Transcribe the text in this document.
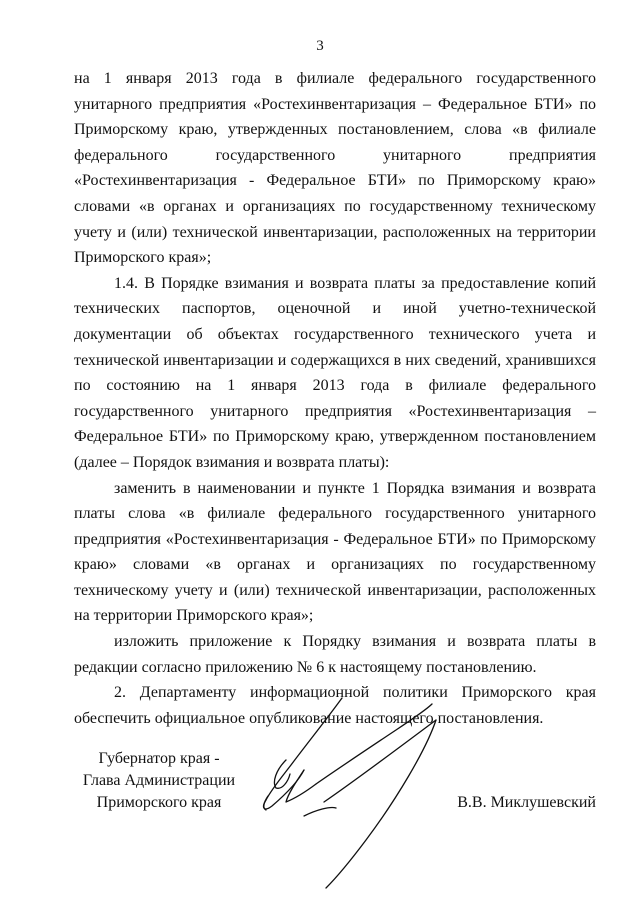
3

на 1 января 2013 года в филиале федерального государственного унитарного предприятия «Ростехинвентаризация – Федеральное БТИ» по Приморскому краю, утвержденных постановлением, слова «в филиале федерального государственного унитарного предприятия «Ростехинвентаризация - Федеральное БТИ» по Приморскому краю» словами «в органах и организациях по государственному техническому учету и (или) технической инвентаризации, расположенных на территории Приморского края»;

1.4. В Порядке взимания и возврата платы за предоставление копий технических паспортов, оценочной и иной учетно-технической документации об объектах государственного технического учета и технической инвентаризации и содержащихся в них сведений, хранившихся по состоянию на 1 января 2013 года в филиале федерального государственного унитарного предприятия «Ростехинвентаризация – Федеральное БТИ» по Приморскому краю, утвержденном постановлением (далее – Порядок взимания и возврата платы):

заменить в наименовании и пункте 1 Порядка взимания и возврата платы слова «в филиале федерального государственного унитарного предприятия «Ростехинвентаризация - Федеральное БТИ» по Приморскому краю» словами «в органах и организациях по государственному техническому учету и (или) технической инвентаризации, расположенных на территории Приморского края»;

изложить приложение к Порядку взимания и возврата платы в редакции согласно приложению № 6 к настоящему постановлению.

2. Департаменту информационной политики Приморского края обеспечить официальное опубликование настоящего постановления.

Губернатор края -
Глава Администрации
Приморского края	В.В. Миклушевский
